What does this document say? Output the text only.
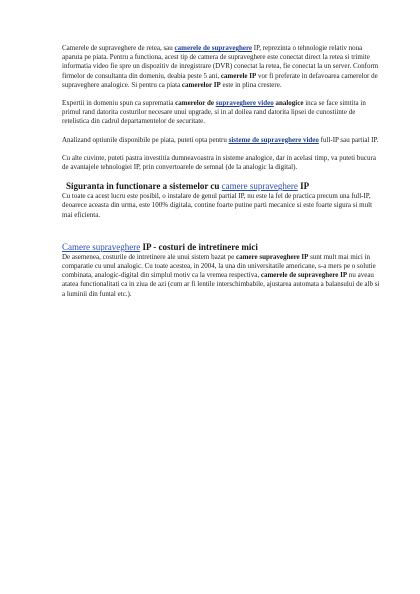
Camerele de supraveghere de retea, sau camerele de supraveghere IP, reprezinta o tehnologie relativ noua aparuta pe piata. Pentru a functiona, acest tip de camera de supraveghere este conectat direct la retea si trimite informatia video fie spre un dispozitiv de inregistrare (DVR) conectat la retea, fie conectat la un server. Conform firmelor de consultanta din domeniu, deabia peste 5 ani, camerele IP vor fi preferate in defavoarea camerelor de supraveghere analogice. Si pentru ca piata camerelor IP este in plina crestere.

Expertii in domeniu spun ca suprematia camerelor de supraveghere video analogice inca se face simtita in primul rand datorita costurilor necesare unui upgrade, si in al doilea rand datorita lipsei de cunostiinte de retelistica din cadrul departamentelor de securitate.

Analizand optiunile disponibile pe piata, puteti opta pentru sisteme de supraveghere video full-IP sau partial IP.

Cu alte cuvinte, puteti pastra investitia dumneavoastra in sisteme analogice, dar in acelasi timp, va puteti bucura de avantajele tehnologiei IP, prin convertoarele de semnal (de la analogic la digital).

Siguranta in functionare a sistemelor cu camere supraveghere IP

Cu toate ca acest lucru este posibil, o instalare de genul partial IP, nu este la fel de practica precum una full-IP, deoarece aceasta din urma, este 100% digitala, contine foarte putine parti mecanice si este foarte sigura si mult mai eficienta.

Camere supraveghere IP - costuri de intretinere mici

De asemenea, costurile de intretinere ale unui sistem bazat pe camere supraveghere IP sunt mult mai mici in comparatie cu unul analogic. Cu toate acestea, in 2004, la una din universitatile americane, s-a mers pe o solutie combinata, analogic-digital din simplul motiv ca la vremea respectiva, camerele de supraveghere IP nu aveau atatea functionalitati ca in ziua de azi (cum ar fi lentile interschimbabile, ajustarea automata a balansului de alb si a luminii din funtal etc.).
